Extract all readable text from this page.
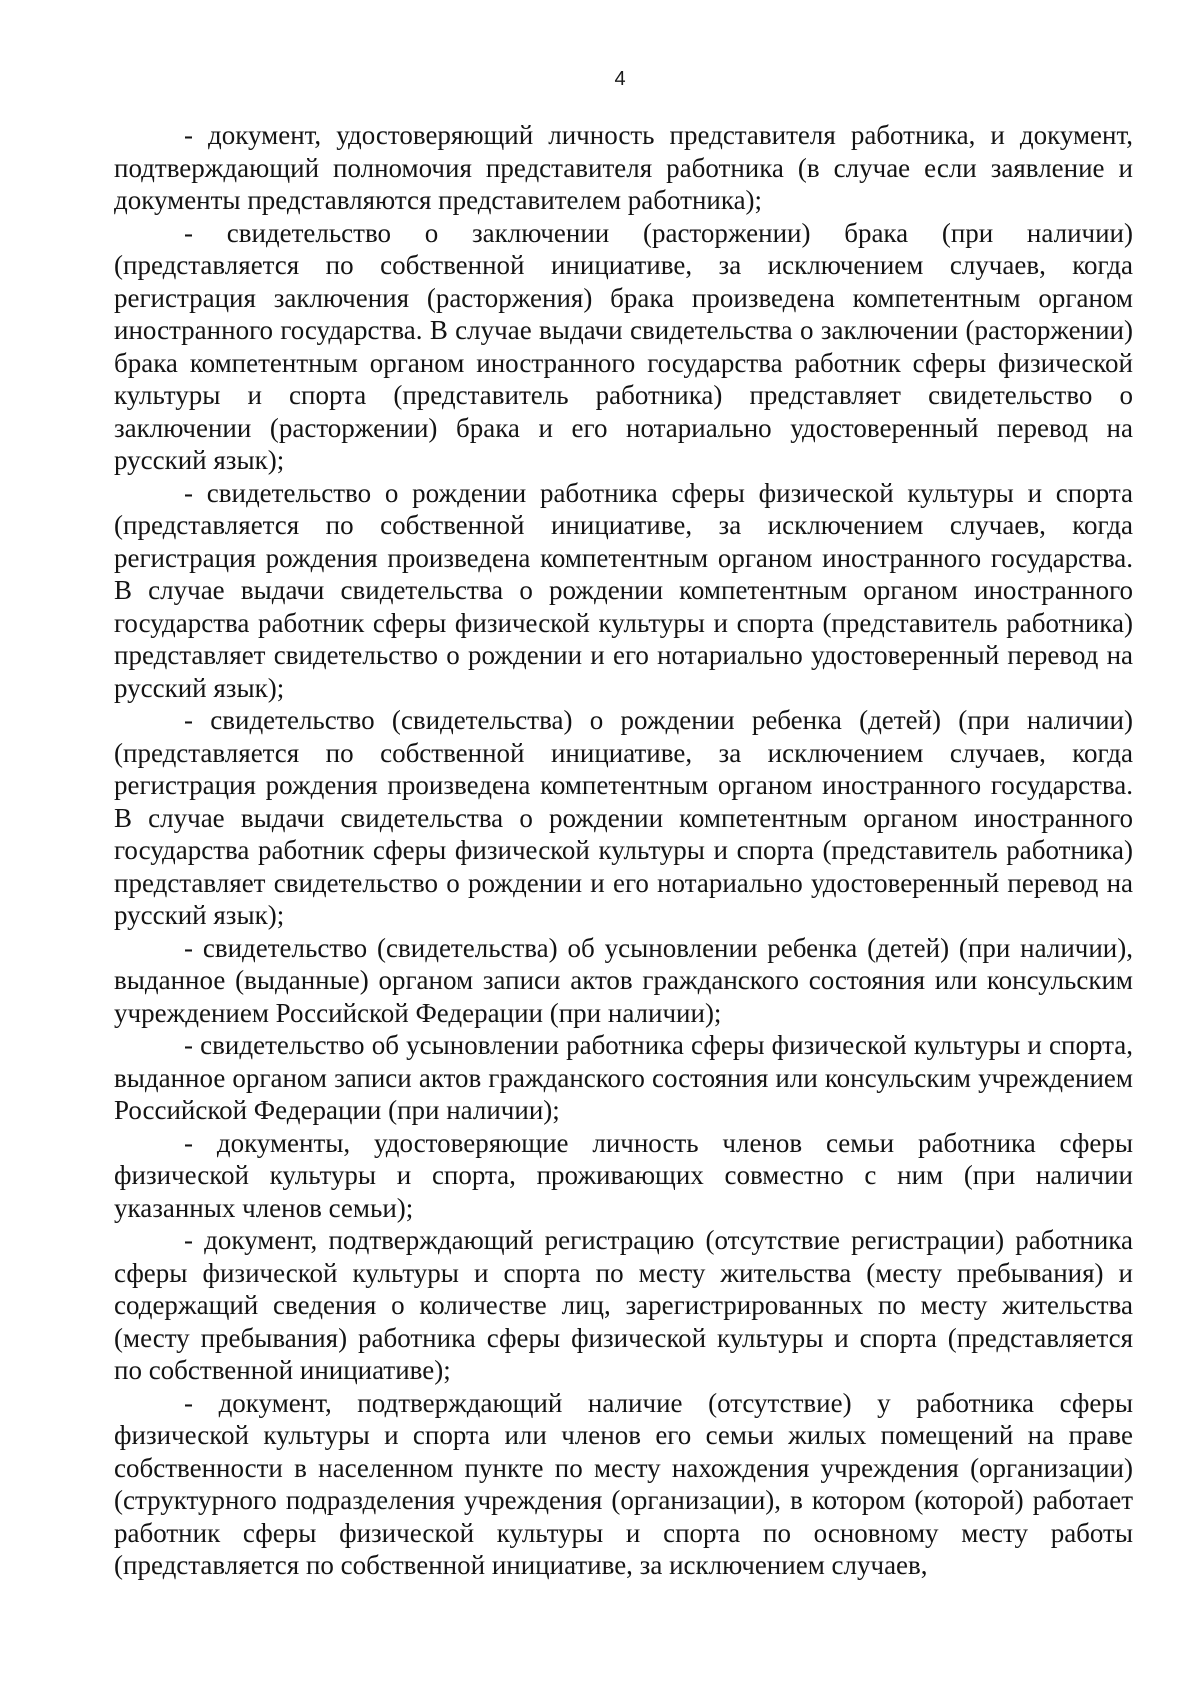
4

- документ, удостоверяющий личность представителя работника, и документ, подтверждающий полномочия представителя работника (в случае если заявление и документы представляются представителем работника);

- свидетельство о заключении (расторжении) брака (при наличии) (представляется по собственной инициативе, за исключением случаев, когда регистрация заключения (расторжения) брака произведена компетентным органом иностранного государства. В случае выдачи свидетельства о заключении (расторжении) брака компетентным органом иностранного государства работник сферы физической культуры и спорта (представитель работника) представляет свидетельство о заключении (расторжении) брака и его нотариально удостоверенный перевод на русский язык);

- свидетельство о рождении работника сферы физической культуры и спорта (представляется по собственной инициативе, за исключением случаев, когда регистрация рождения произведена компетентным органом иностранного государства. В случае выдачи свидетельства о рождении компетентным органом иностранного государства работник сферы физической культуры и спорта (представитель работника) представляет свидетельство о рождении и его нотариально удостоверенный перевод на русский язык);

- свидетельство (свидетельства) о рождении ребенка (детей) (при наличии) (представляется по собственной инициативе, за исключением случаев, когда регистрация рождения произведена компетентным органом иностранного государства. В случае выдачи свидетельства о рождении компетентным органом иностранного государства работник сферы физической культуры и спорта (представитель работника) представляет свидетельство о рождении и его нотариально удостоверенный перевод на русский язык);

- свидетельство (свидетельства) об усыновлении ребенка (детей) (при наличии), выданное (выданные) органом записи актов гражданского состояния или консульским учреждением Российской Федерации (при наличии);

- свидетельство об усыновлении работника сферы физической культуры и спорта, выданное органом записи актов гражданского состояния или консульским учреждением Российской Федерации (при наличии);

- документы, удостоверяющие личность членов семьи работника сферы физической культуры и спорта, проживающих совместно с ним (при наличии указанных членов семьи);

- документ, подтверждающий регистрацию (отсутствие регистрации) работника сферы физической культуры и спорта по месту жительства (месту пребывания) и содержащий сведения о количестве лиц, зарегистрированных по месту жительства (месту пребывания) работника сферы физической культуры и спорта (представляется по собственной инициативе);

- документ, подтверждающий наличие (отсутствие) у работника сферы физической культуры и спорта или членов его семьи жилых помещений на праве собственности в населенном пункте по месту нахождения учреждения (организации) (структурного подразделения учреждения (организации), в котором (которой) работает работник сферы физической культуры и спорта по основному месту работы (представляется по собственной инициативе, за исключением случаев,
